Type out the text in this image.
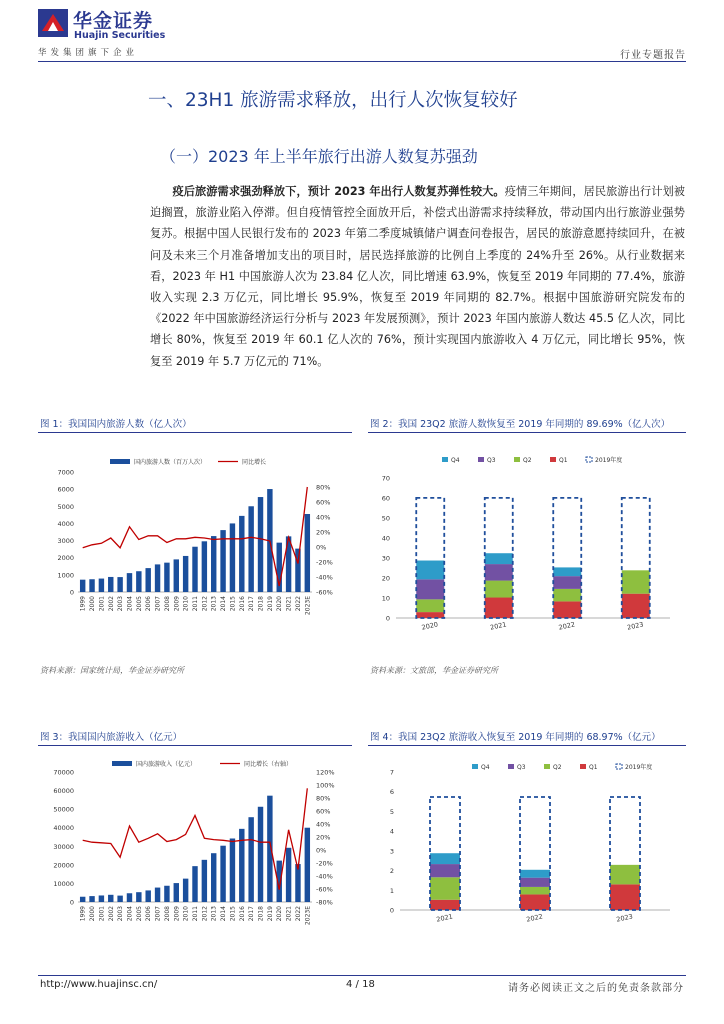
华金证券
Huajin Securities
华发集团旗下企业	行业专题报告
一、23H1 旅游需求释放，出行人次恢复较好
（一）2023 年上半年旅行出游人数复苏强劲
  疫后旅游需求强劲释放下，预计 2023 年出行人数复苏弹性较大。疫情三年期间，居民旅游出行计划被迫搁置，旅游业陷入停滞。但自疫情管控全面放开后，补偿式出游需求持续释放，带动国内出行旅游业强势复苏。根据中国人民银行发布的 2023 年第二季度城镇储户调查问卷报告，居民的旅游意愿持续回升，在被问及未来三个月准备增加支出的项目时，居民选择旅游的比例自上季度的 24%升至 26%。从行业数据来看，2023 年 H1 中国旅游人次为 23.84 亿人次，同比增速 63.9%，恢复至 2019 年同期的 77.4%，旅游收入实现 2.3 万亿元，同比增长 95.9%，恢复至 2019 年同期的 82.7%。根据中国旅游研究院发布的《2022 年中国旅游经济运行分析与 2023 年发展预测》，预计 2023 年国内旅游人数达 45.5 亿人次，同比增长 80%，恢复至 2019 年 60.1 亿人次的 76%，预计实现国内旅游收入 4 万亿元，同比增长 95%，恢复至 2019 年 5.7 万亿元的 71%。
图 1：我国国内旅游人数（亿人次）
0
1000
2000
3000
4000
5000
6000
7000
-60%
-40%
-20%
0%
20%
40%
60%
80%
1999 2000 2001 2002 2003 2004 2005 2006 2007 2008 2009 2010 2011 2012 2013 2014 2015 2016 2017 2018 2019 2020 2021 2022 2023E
国内旅游人数（百万人次）	同比增长
图 2：我国 23Q2 旅游人数恢复至 2019 年同期的 89.69%（亿人次）
0
10
20
30
40
50
60
70
2020	2021	2022	2023
Q4	Q3	Q2	Q1	2019年度
资料来源：国家统计局，华金证券研究所	资料来源：文旅部，华金证券研究所
图 3：我国国内旅游收入（亿元）
0
10000
20000
30000
40000
50000
60000
70000
-80%
-60%
-40%
-20%
0%
20%
40%
60%
80%
100%
120%
1999 2000 2001 2002 2003 2004 2005 2006 2007 2008 2009 2010 2011 2012 2013 2014 2015 2016 2017 2018 2019 2020 2021 2022 2023E
国内旅游收入（亿元）	同比增长（右轴）
图 4：我国 23Q2 旅游收入恢复至 2019 年同期的 68.97%（亿元）
0
1
2
3
4
5
6
7
2021	2022	2023
Q4	Q3	Q2	Q1	2019年度
http://www.huajinsc.cn/	4 / 18	请务必阅读正文之后的免责条款部分
